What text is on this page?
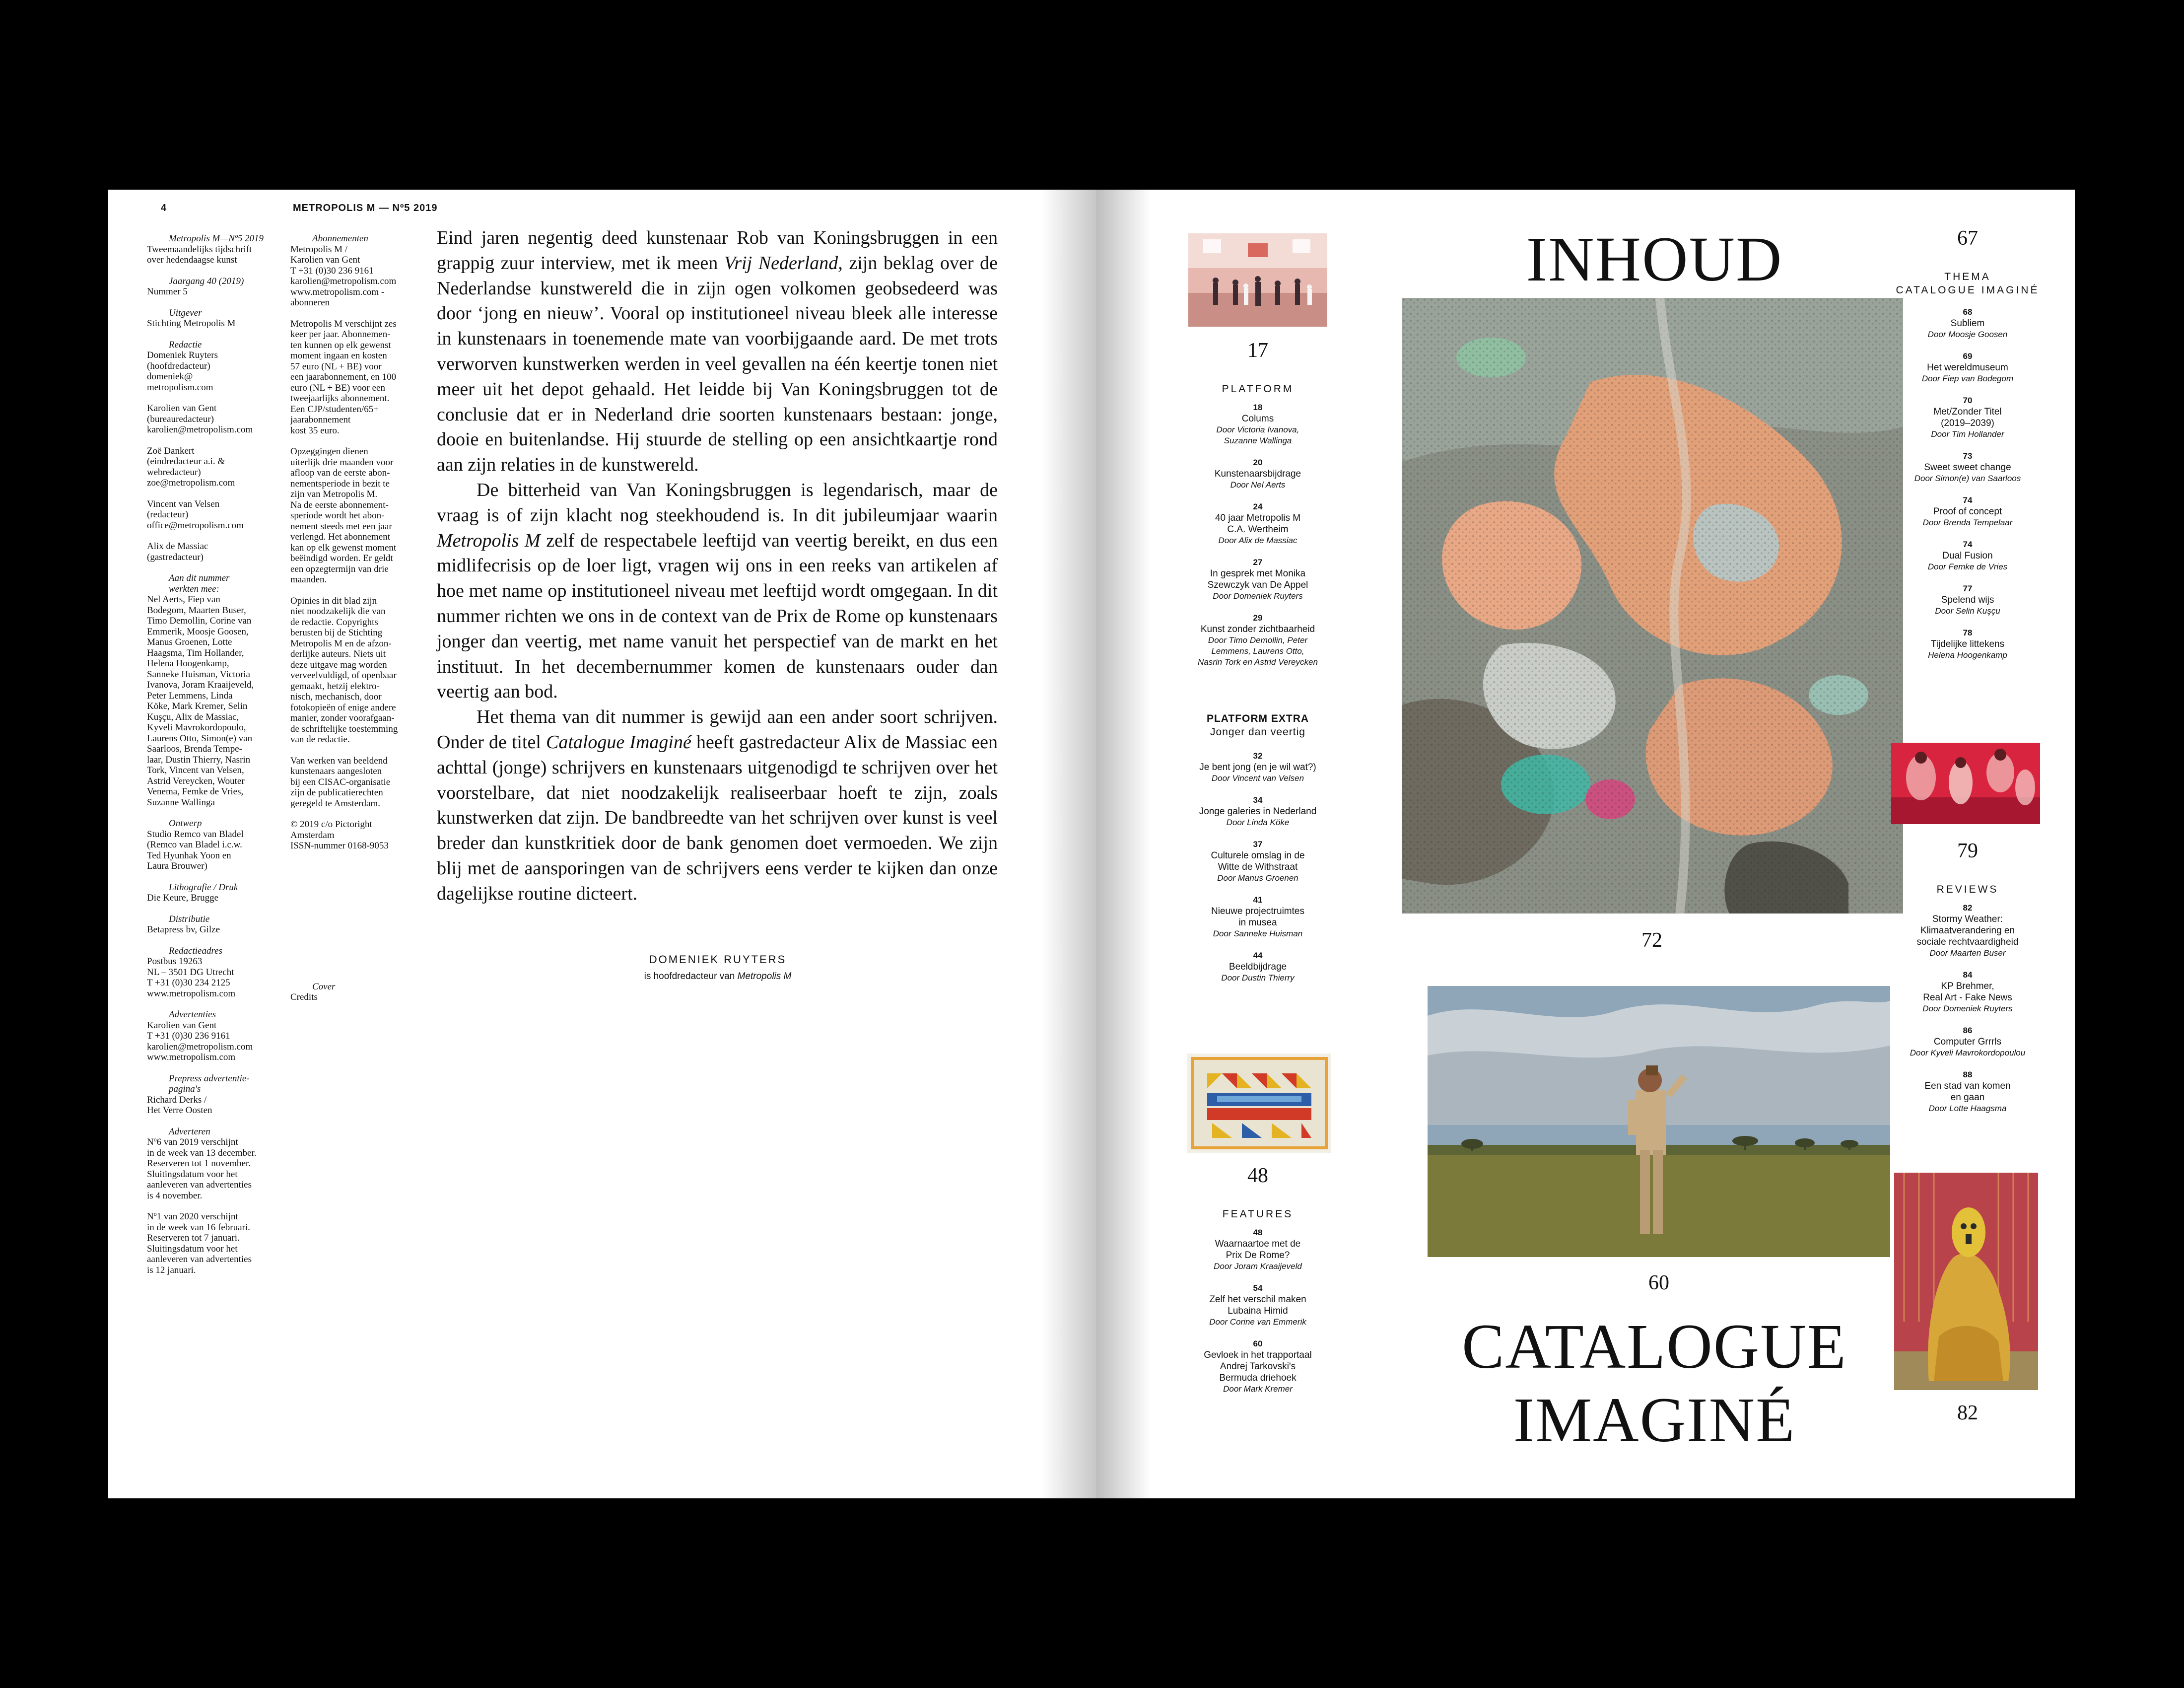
4	METROPOLIS M — Nº5 2019
Metropolis M—Nº5 2019
Tweemaandelijks tijdschrift
over hedendaagse kunst
Jaargang 40 (2019)
Nummer 5
Uitgever
Stichting Metropolis M
Redactie
Domeniek Ruyters
(hoofdredacteur)
domeniek@
metropolism.com
Karolien van Gent
(bureauredacteur)
karolien@metropolism.com
Zoë Dankert
(eindredacteur a.i. &
webredacteur)
zoe@metropolism.com
Vincent van Velsen
(redacteur)
office@metropolism.com
Alix de Massiac
(gastredacteur)
Aan dit nummer
werkten mee:
Nel Aerts, Fiep van
Bodegom, Maarten Buser,
Timo Demollin, Corine van
Emmerik, Moosje Goosen,
Manus Groenen, Lotte
Haagsma, Tim Hollander,
Helena Hoogenkamp,
Sanneke Huisman, Victoria
Ivanova, Joram Kraaijeveld,
Peter Lemmens, Linda
Köke, Mark Kremer, Selin
Kuşçu, Alix de Massiac,
Kyveli Mavrokordopoulo,
Laurens Otto, Simon(e) van
Saarloos, Brenda Tempe-
laar, Dustin Thierry, Nasrin
Tork, Vincent van Velsen,
Astrid Vereycken, Wouter
Venema, Femke de Vries,
Suzanne Wallinga
Ontwerp
Studio Remco van Bladel
(Remco van Bladel i.c.w.
Ted Hyunhak Yoon en
Laura Brouwer)
Lithografie / Druk
Die Keure, Brugge
Distributie
Betapress bv, Gilze
Redactieadres
Postbus 19263
NL – 3501 DG Utrecht
T +31 (0)30 234 2125
www.metropolism.com
Advertenties
Karolien van Gent
T +31 (0)30 236 9161
karolien@metropolism.com
www.metropolism.com
Prepress advertentie-
pagina's
Richard Derks /
Het Verre Oosten
Adverteren
Nº6 van 2019 verschijnt
in de week van 13 december.
Reserveren tot 1 november.
Sluitingsdatum voor het
aanleveren van advertenties
is 4 november.
Nº1 van 2020 verschijnt
in de week van 16 februari.
Reserveren tot 7 januari.
Sluitingsdatum voor het
aanleveren van advertenties
is 12 januari.
Abonnementen
Metropolis M /
Karolien van Gent
T +31 (0)30 236 9161
karolien@metropolism.com
www.metropolism.com -
abonneren
Metropolis M verschijnt zes
keer per jaar. Abonnemen-
ten kunnen op elk gewenst
moment ingaan en kosten
57 euro (NL + BE) voor
een jaarabonnement, en 100
euro (NL + BE) voor een
tweejaarlijks abonnement.
Een CJP/studenten/65+
jaarabonnement
kost 35 euro.
Opzeggingen dienen
uiterlijk drie maanden voor
afloop van de eerste abon-
nementsperiode in bezit te
zijn van Metropolis M.
Na de eerste abonnement-
speriode wordt het abon-
nement steeds met een jaar
verlengd. Het abonnement
kan op elk gewenst moment
beëindigd worden. Er geldt
een opzegtermijn van drie
maanden.
Opinies in dit blad zijn
niet noodzakelijk die van
de redactie. Copyrights
berusten bij de Stichting
Metropolis M en de afzon-
derlijke auteurs. Niets uit
deze uitgave mag worden
verveelvuldigd, of openbaar
gemaakt, hetzij elektro-
nisch, mechanisch, door
fotokopieën of enige andere
manier, zonder voorafgaan-
de schriftelijke toestemming
van de redactie.
Van werken van beeldend
kunstenaars aangesloten
bij een CISAC-organisatie
zijn de publicatierechten
geregeld te Amsterdam.
© 2019 c/o Pictoright
Amsterdam
ISSN-nummer 0168-9053
Cover
Credits

Eind jaren negentig deed kunstenaar Rob van Koningsbruggen in een grappig zuur interview, met ik meen Vrij Nederland, zijn beklag over de Nederlandse kunstwereld die in zijn ogen volkomen geobsedeerd was door ‘jong en nieuw’. Vooral op institutioneel niveau bleek alle interesse in kunstenaars in toenemende mate van voorbijgaande aard. De met trots verworven kunstwerken werden in veel gevallen na één keertje tonen niet meer uit het depot gehaald. Het leidde bij Van Koningsbruggen tot de conclusie dat er in Nederland drie soorten kunstenaars bestaan: jonge, dooie en buitenlandse. Hij stuurde de stelling op een ansichtkaartje rond aan zijn relaties in de kunstwereld.

De bitterheid van Van Koningsbruggen is legendarisch, maar de vraag is of zijn klacht nog steekhoudend is. In dit jubileumjaar waarin Metropolis M zelf de respectabele leeftijd van veertig bereikt, en dus een midlifecrisis op de loer ligt, vragen wij ons in een reeks van artikelen af hoe met name op institutioneel niveau met leeftijd wordt omgegaan. In dit nummer richten we ons in de context van de Prix de Rome op kunstenaars jonger dan veertig, met name vanuit het perspectief van de markt en het instituut. In het decembernummer komen de kunstenaars ouder dan veertig aan bod.

Het thema van dit nummer is gewijd aan een ander soort schrijven. Onder de titel Catalogue Imaginé heeft gastredacteur Alix de Massiac een achttal (jonge) schrijvers en kunstenaars uitgenodigd te schrijven over het voorstelbare, dat niet noodzakelijk realiseerbaar hoeft te zijn, zoals kunstwerken dat zijn. De bandbreedte van het schrijven over kunst is veel breder dan kunstkritiek door de bank genomen doet vermoeden. We zijn blij met de aansporingen van de schrijvers eens verder te kijken dan onze dagelijkse routine dicteert.

DOMENIEK RUYTERS
is hoofdredacteur van Metropolis M
17
PLATFORM
18
Colums
Door Victoria Ivanova,
Suzanne Wallinga
20
Kunstenaarsbijdrage
Door Nel Aerts
24
40 jaar Metropolis M
C.A. Wertheim
Door Alix de Massiac
27
In gesprek met Monika
Szewczyk van De Appel
Door Domeniek Ruyters
29
Kunst zonder zichtbaarheid
Door Timo Demollin, Peter
Lemmens, Laurens Otto,
Nasrin Tork en Astrid Vereycken
PLATFORM EXTRA
Jonger dan veertig
32
Je bent jong (en je wil wat?)
Door Vincent van Velsen
34
Jonge galeries in Nederland
Door Linda Köke
37
Culturele omslag in de
Witte de Withstraat
Door Manus Groenen
41
Nieuwe projectruimtes
in musea
Door Sanneke Huisman
44
Beeldbijdrage
Door Dustin Thierry
48
FEATURES
48
Waarnaartoe met de
Prix De Rome?
Door Joram Kraaijeveld
54
Zelf het verschil maken
Lubaina Himid
Door Corine van Emmerik
60
Gevloek in het trapportaal
Andrej Tarkovski's
Bermuda driehoek
Door Mark Kremer
INHOUD
72
60
CATALOGUE
IMAGINÉ
67
THEMA
CATALOGUE IMAGINÉ
68
Subliem
Door Moosje Goosen
69
Het wereldmuseum
Door Fiep van Bodegom
70
Met/Zonder Titel
(2019–2039)
Door Tim Hollander
73
Sweet sweet change
Door Simon(e) van Saarloos
74
Proof of concept
Door Brenda Tempelaar
74
Dual Fusion
Door Femke de Vries
77
Spelend wijs
Door Selin Kuşçu
78
Tijdelijke littekens
Helena Hoogenkamp
79
REVIEWS
82
Stormy Weather:
Klimaatverandering en
sociale rechtvaardigheid
Door Maarten Buser
84
KP Brehmer,
Real Art - Fake News
Door Domeniek Ruyters
86
Computer Grrrls
Door Kyveli Mavrokordopoulou
88
Een stad van komen
en gaan
Door Lotte Haagsma
82
